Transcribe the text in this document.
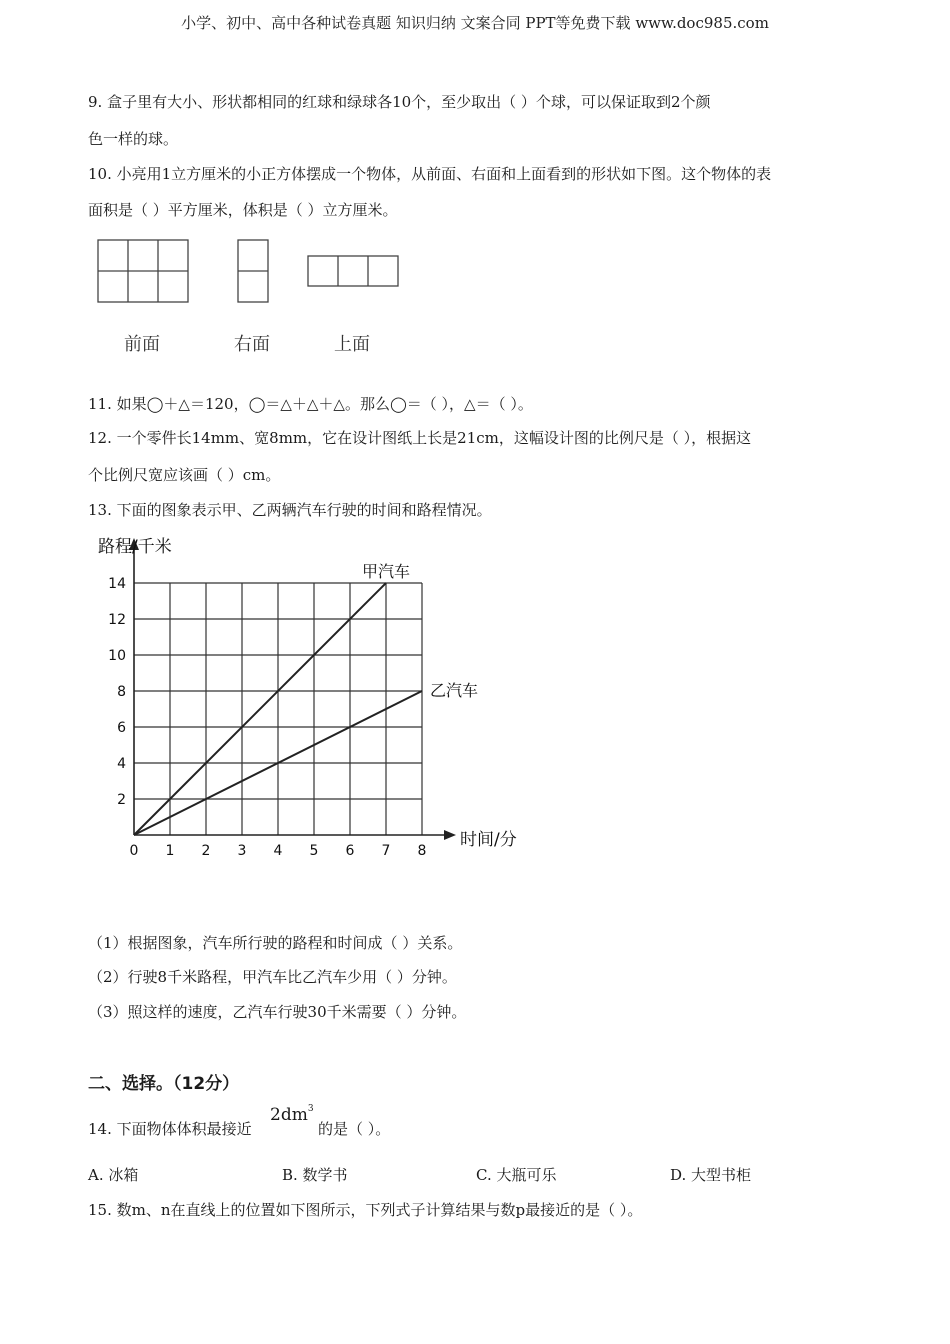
小学、初中、高中各种试卷真题 知识归纳 文案合同 PPT等免费下载 www.doc985.com
9. 盒子里有大小、形状都相同的红球和绿球各10个，至少取出（ ）个球，可以保证取到2个颜
色一样的球。
10. 小亮用1立方厘米的小正方体摆成一个物体，从前面、右面和上面看到的形状如下图。这个物体的表
面积是（ ）平方厘米，体积是（ ）立方厘米。
前面	右面	上面
11. 如果◯＋△＝120，◯＝△＋△＋△。那么◯＝（ ），△＝（ ）。
12. 一个零件长14mm、宽8mm，它在设计图纸上长是21cm，这幅设计图的比例尺是（ ），根据这
个比例尺宽应该画（ ）cm。
13. 下面的图象表示甲、乙两辆汽车行驶的时间和路程情况。
甲汽车
乙汽车
0 1 2 3 4 5 6 7 8
2
4
6
8
10
12
14
路程/千米
时间/分
（1）根据图象，汽车所行驶的路程和时间成（ ）关系。
（2）行驶8千米路程，甲汽车比乙汽车少用（ ）分钟。
（3）照这样的速度，乙汽车行驶30千米需要（ ）分钟。
二、选择。（12分）
14. 下面物体体积最接近
$2dm^3$
的是（ ）。
A. 冰箱	B. 数学书	C. 大瓶可乐	D. 大型书柜
15. 数m、n在直线上的位置如下图所示，下列式子计算结果与数p最接近的是（ ）。
